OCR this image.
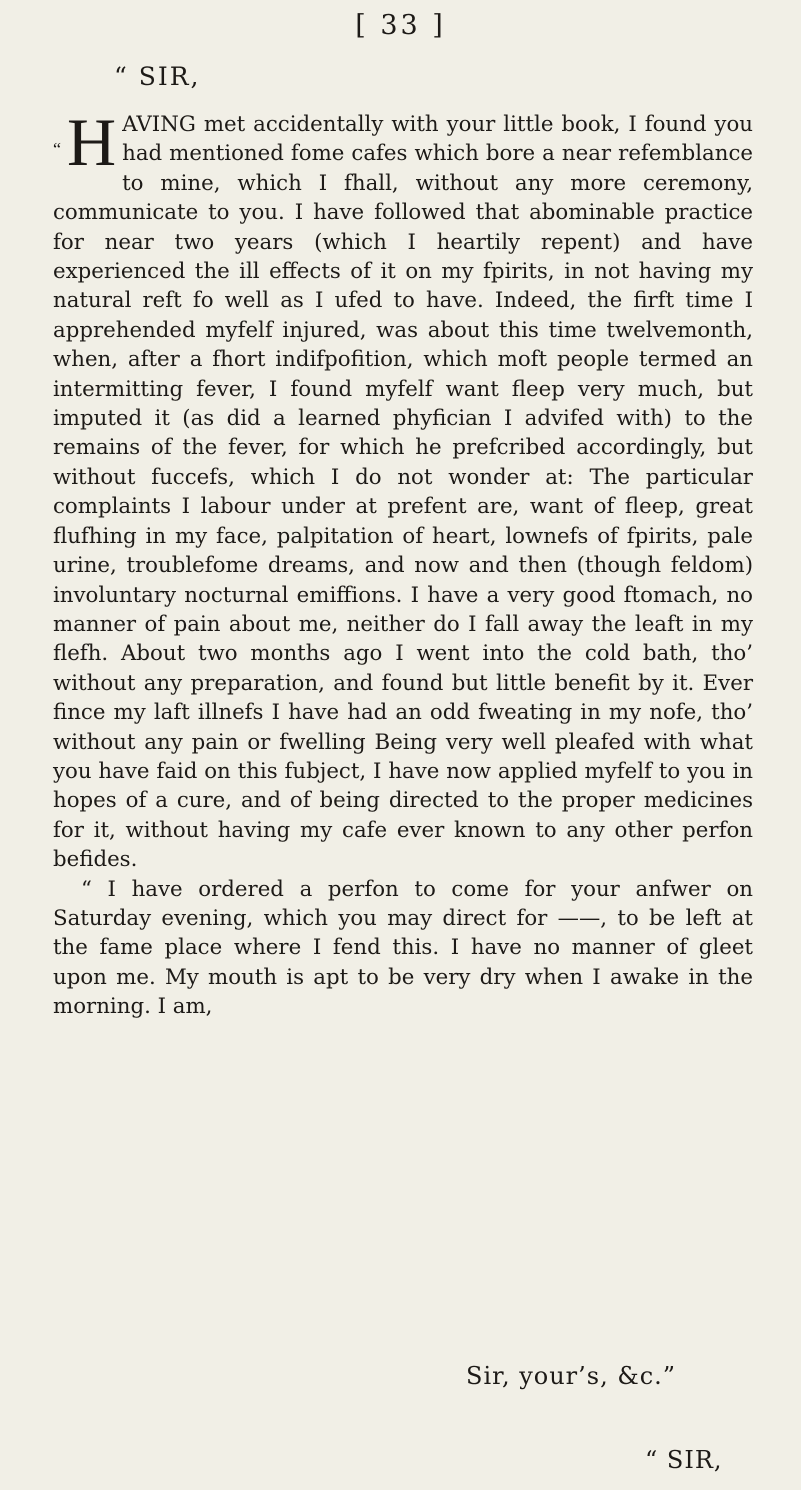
[ 33 ]
“ SIR,

“H AVING met accidentally with your little book, I found you had mentioned fome cafes which bore a near refemblance to mine, which I fhall, without any more ceremony, communicate to you. I have followed that abominable practice for near two years (which I heartily repent) and have experienced the ill effects of it on my fpirits, in not having my natural reft fo well as I ufed to have. Indeed, the firft time I apprehended myfelf injured, was about this time twelvemonth, when, after a fhort indifpofition, which moft people termed an intermitting fever, I found myfelf want fleep very much, but imputed it (as did a learned phyfician I advifed with) to the remains of the fever, for which he prefcribed accordingly, but without fuccefs, which I do not wonder at: The particular complaints I labour under at prefent are, want of fleep, great flufhing in my face, palpitation of heart, lownefs of fpirits, pale urine, troublefome dreams, and now and then (though feldom) involuntary nocturnal emiffions. I have a very good ftomach, no manner of pain about me, neither do I fall away the leaft in my flefh. About two months ago I went into the cold bath, tho’ without any preparation, and found but little benefit by it. Ever fince my laft illnefs I have had an odd fweating in my nofe, tho’ without any pain or fwelling Being very well pleafed with what you have faid on this fubject, I have now applied myfelf to you in hopes of a cure, and of being directed to the proper medicines for it, without having my cafe ever known to any other perfon befides.

“ I have ordered a perfon to come for your anfwer on Saturday evening, which you may direct for ——, to be left at the fame place where I fend this. I have no manner of gleet upon me. My mouth is apt to be very dry when I awake in the morning. I am,

Sir, your’s, &c.”
“ SIR,
